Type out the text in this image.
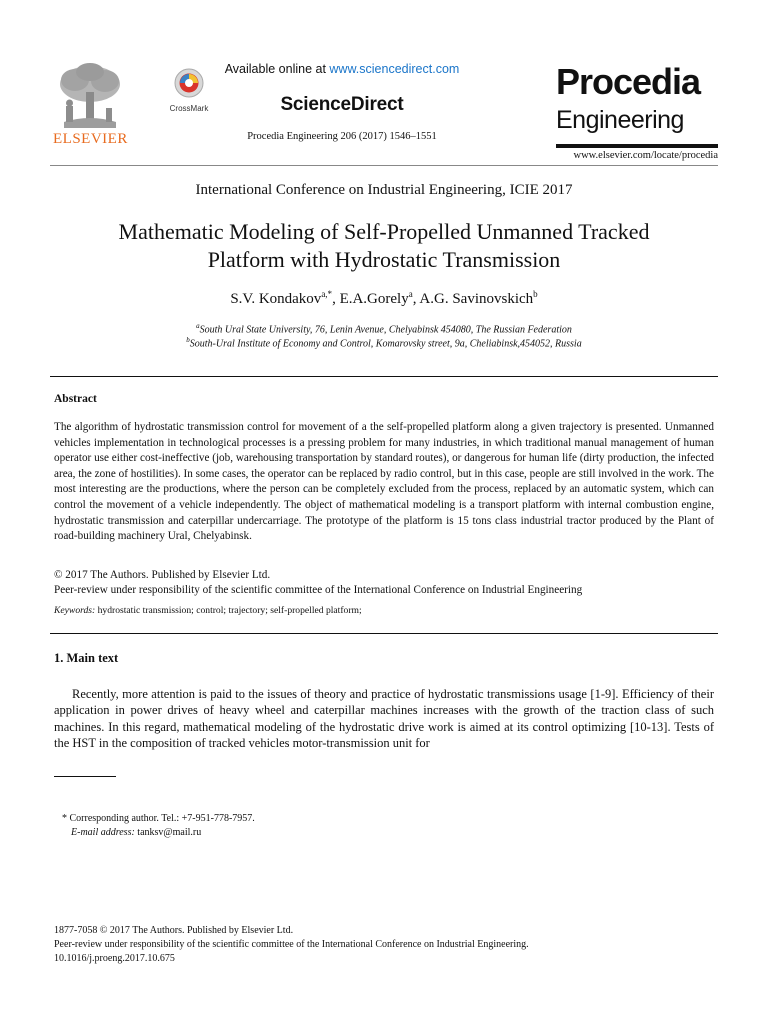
ELSEVIER
CrossMark
Available online at www.sciencedirect.com
ScienceDirect
Procedia Engineering 206 (2017) 1546–1551
Procedia
Engineering
www.elsevier.com/locate/procedia
International Conference on Industrial Engineering, ICIE 2017
Mathematic Modeling of Self-Propelled Unmanned Tracked
Platform with Hydrostatic Transmission
S.V. Kondakov$^{a,*}$, E.A.Gorely$^a$, A.G. Savinovskich$^b$
$^a$South Ural State University, 76, Lenin Avenue, Chelyabinsk 454080, The Russian Federation
$^b$South-Ural Institute of Economy and Control, Komarovsky street, 9a, Cheliabinsk,454052, Russia
Abstract
The algorithm of hydrostatic transmission control for movement of a the self-propelled platform along a given trajectory is presented. Unmanned vehicles implementation in technological processes is a pressing problem for many industries, in which traditional manual management of human operator use either cost-ineffective (job, warehousing transportation by standard routes), or dangerous for human life (dirty production, the infected area, the zone of hostilities). In some cases, the operator can be replaced by radio control, but in this case, people are still involved in the work. The most interesting are the productions, where the person can be completely excluded from the process, replaced by an automatic system, which can control the movement of a vehicle independently. The object of mathematical modeling is a transport platform with internal combustion engine, hydrostatic transmission and caterpillar undercarriage. The prototype of the platform is 15 tons class industrial tractor produced by the Plant of road-building machinery Ural, Chelyabinsk.
© 2017 The Authors. Published by Elsevier Ltd.
Peer-review under responsibility of the scientific committee of the International Conference on Industrial Engineering
Keywords: hydrostatic transmission; control; trajectory; self-propelled platform;
1. Main text
Recently, more attention is paid to the issues of theory and practice of hydrostatic transmissions usage [1-9]. Efficiency of their application in power drives of heavy wheel and caterpillar machines increases with the growth of the traction class of such machines. In this regard, mathematical modeling of the hydrostatic drive work is aimed at its control optimizing [10-13]. Tests of the HST in the composition of tracked vehicles motor-transmission unit for
* Corresponding author. Tel.: +7-951-778-7957.
E-mail address: tanksv@mail.ru
1877-7058 © 2017 The Authors. Published by Elsevier Ltd.
Peer-review under responsibility of the scientific committee of the International Conference on Industrial Engineering.
10.1016/j.proeng.2017.10.675
